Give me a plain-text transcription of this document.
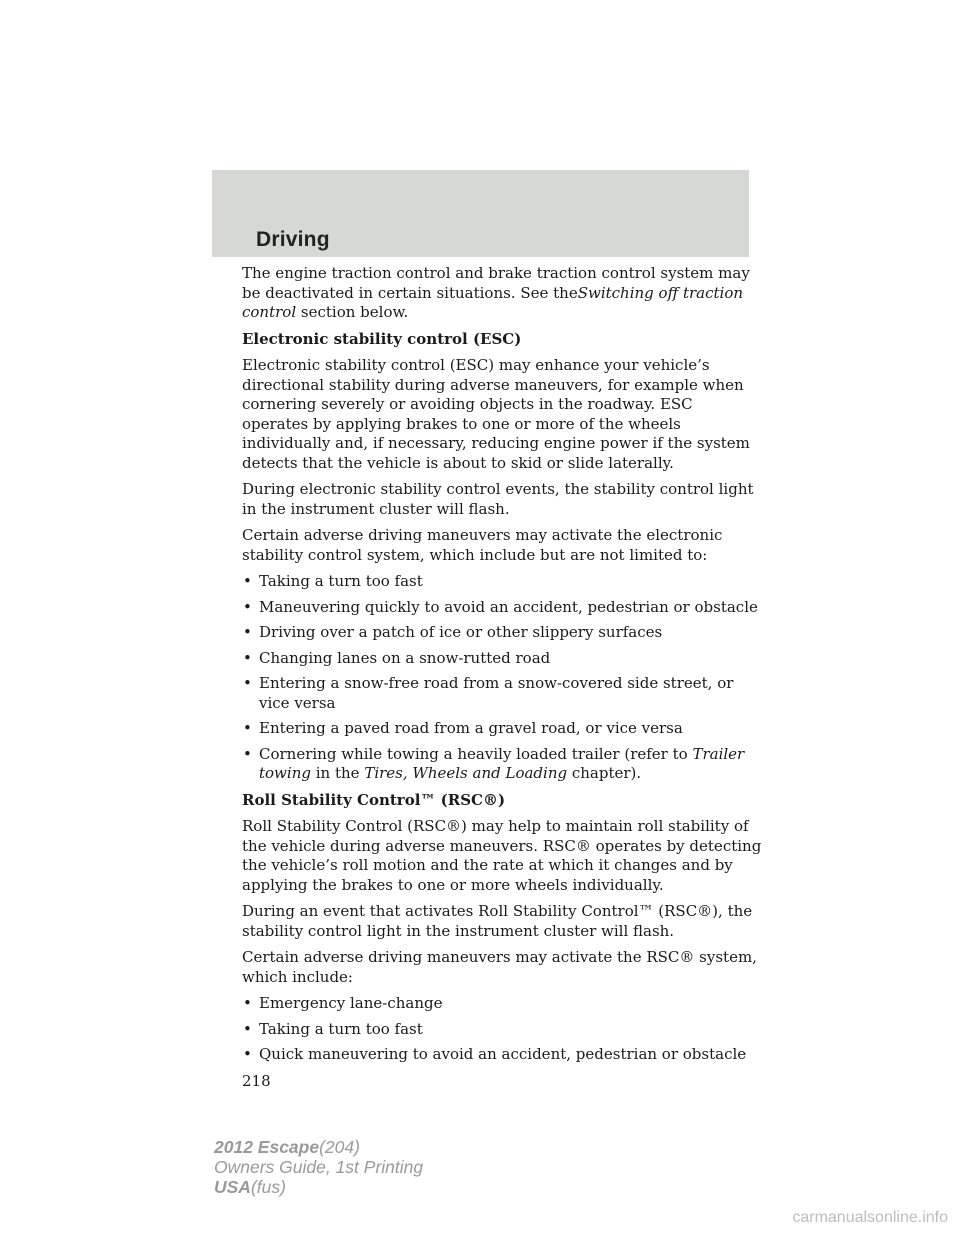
Driving

The engine traction control and brake traction control system may be deactivated in certain situations. See theSwitching off traction control section below.

Electronic stability control (ESC)

Electronic stability control (ESC) may enhance your vehicle’s directional stability during adverse maneuvers, for example when cornering severely or avoiding objects in the roadway. ESC operates by applying brakes to one or more of the wheels individually and, if necessary, reducing engine power if the system detects that the vehicle is about to skid or slide laterally.

During electronic stability control events, the stability control light in the instrument cluster will flash.

Certain adverse driving maneuvers may activate the electronic stability control system, which include but are not limited to:

• Taking a turn too fast
• Maneuvering quickly to avoid an accident, pedestrian or obstacle
• Driving over a patch of ice or other slippery surfaces
• Changing lanes on a snow-rutted road
• Entering a snow-free road from a snow-covered side street, or vice versa
• Entering a paved road from a gravel road, or vice versa
• Cornering while towing a heavily loaded trailer (refer to Trailer towing in the Tires, Wheels and Loading chapter).

Roll Stability Control™ (RSC®)

Roll Stability Control (RSC®) may help to maintain roll stability of the vehicle during adverse maneuvers. RSC® operates by detecting the vehicle’s roll motion and the rate at which it changes and by applying the brakes to one or more wheels individually.

During an event that activates Roll Stability Control™ (RSC®), the stability control light in the instrument cluster will flash.

Certain adverse driving maneuvers may activate the RSC® system, which include:

• Emergency lane-change
• Taking a turn too fast
• Quick maneuvering to avoid an accident, pedestrian or obstacle
218
2012 Escape(204)
Owners Guide, 1st Printing
USA(fus)
carmanualsonline.info
